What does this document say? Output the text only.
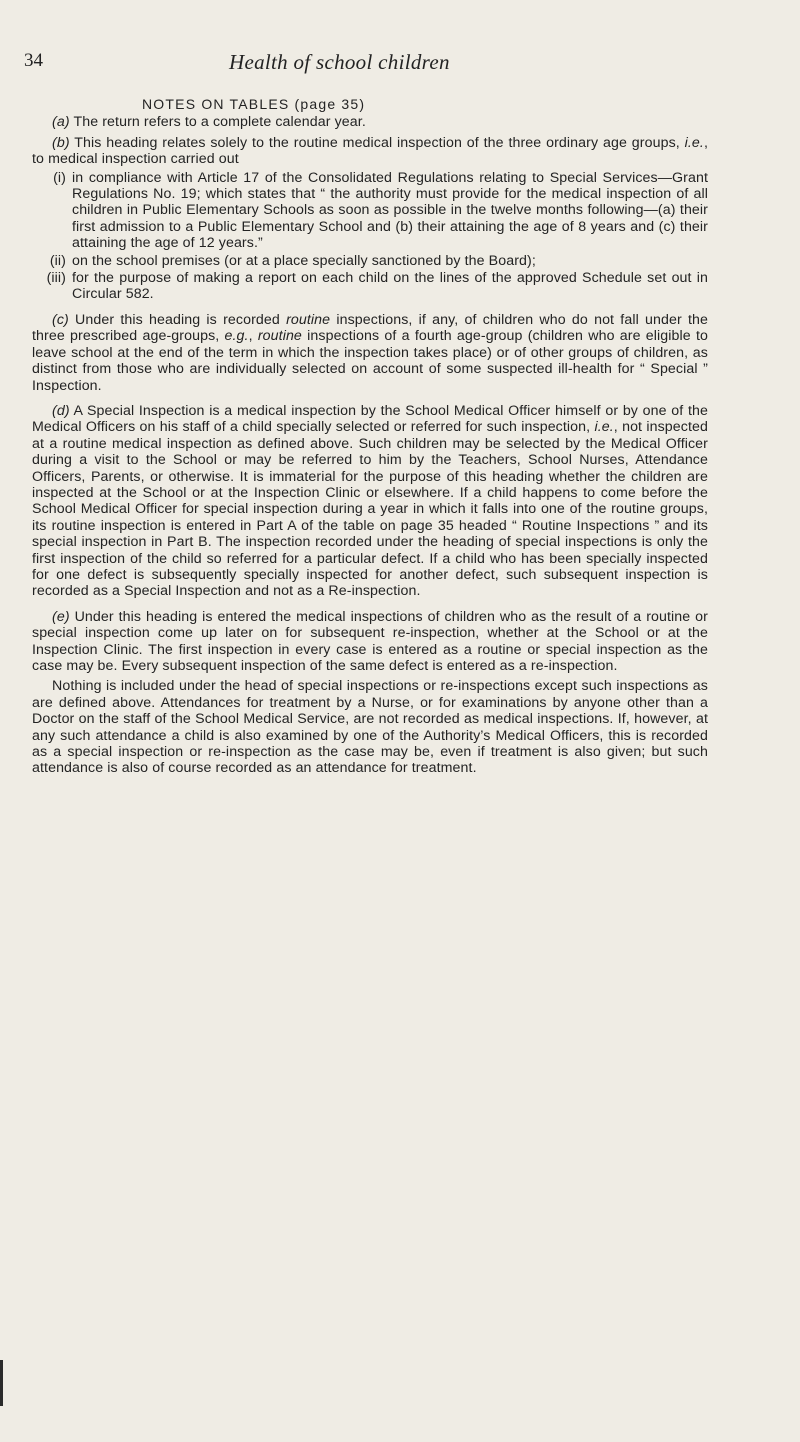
34	Health of school children

NOTES ON TABLES (page 35)

(a) The return refers to a complete calendar year.

(b) This heading relates solely to the routine medical inspection of the three ordinary age groups, i.e., to medical inspection carried out

(i) in compliance with Article 17 of the Consolidated Regulations relating to Special Services—Grant Regulations No. 19; which states that “ the authority must provide for the medical inspection of all children in Public Elementary Schools as soon as possible in the twelve months following—(a) their first admission to a Public Elementary School and (b) their attaining the age of 8 years and (c) their attaining the age of 12 years.”
(ii) on the school premises (or at a place specially sanctioned by the Board);
(iii) for the purpose of making a report on each child on the lines of the approved Schedule set out in Circular 582.

(c) Under this heading is recorded routine inspections, if any, of children who do not fall under the three prescribed age-groups, e.g., routine inspections of a fourth age-group (children who are eligible to leave school at the end of the term in which the inspection takes place) or of other groups of children, as distinct from those who are individually selected on account of some suspected ill-health for “ Special ” Inspection.

(d) A Special Inspection is a medical inspection by the School Medical Officer himself or by one of the Medical Officers on his staff of a child specially selected or referred for such inspection, i.e., not inspected at a routine medical inspection as defined above. Such children may be selected by the Medical Officer during a visit to the School or may be referred to him by the Teachers, School Nurses, Attendance Officers, Parents, or otherwise. It is immaterial for the purpose of this heading whether the children are inspected at the School or at the Inspection Clinic or elsewhere. If a child happens to come before the School Medical Officer for special inspection during a year in which it falls into one of the routine groups, its routine inspection is entered in Part A of the table on page 35 headed “ Routine Inspections ” and its special inspection in Part B. The inspection recorded under the heading of special inspections is only the first inspection of the child so referred for a particular defect. If a child who has been specially inspected for one defect is subsequently specially inspected for another defect, such subsequent inspection is recorded as a Special Inspection and not as a Re-inspection.

(e) Under this heading is entered the medical inspections of children who as the result of a routine or special inspection come up later on for subsequent re-inspection, whether at the School or at the Inspection Clinic. The first inspection in every case is entered as a routine or special inspection as the case may be. Every subsequent inspection of the same defect is entered as a re-inspection.

Nothing is included under the head of special inspections or re-inspections except such inspections as are defined above. Attendances for treatment by a Nurse, or for examinations by anyone other than a Doctor on the staff of the School Medical Service, are not recorded as medical inspections. If, however, at any such attendance a child is also examined by one of the Authority’s Medical Officers, this is recorded as a special inspection or re-inspection as the case may be, even if treatment is also given; but such attendance is also of course recorded as an attendance for treatment.
